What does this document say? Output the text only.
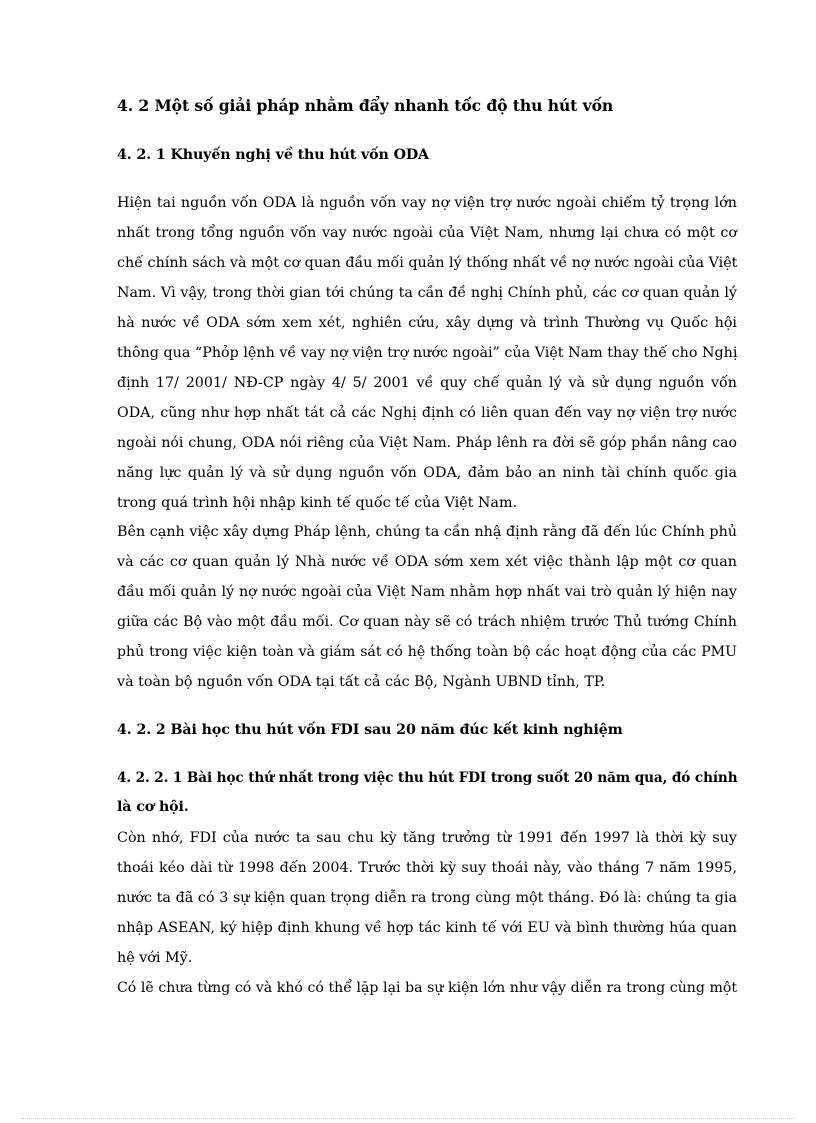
4. 2 Một số giải pháp nhằm đẩy nhanh tốc độ thu hút vốn
4. 2. 1 Khuyến nghị về thu hút vốn ODA
Hiện tai nguồn vốn ODA là nguồn vốn vay nợ viện trợ nước ngoài chiếm tỷ trọng lớn
nhất trong tổng nguồn vốn vay nước ngoài của Việt Nam, nhưng lại chưa có một cơ
chế chính sách và một cơ quan đầu mối quản lý thống nhất về nợ nước ngoài của Việt
Nam. Vì vậy, trong thời gian tới chúng ta cần đề nghị Chính phủ, các cơ quan quản lý
hà nước về ODA sớm xem xét, nghiên cứu, xây dựng và trình Thường vụ Quốc hội
thông qua “Phỏp lệnh về vay nợ viện trợ nước ngoài” của Việt Nam thay thế cho Nghị
định 17/ 2001/ NĐ-CP ngày 4/ 5/ 2001 về quy chế quản lý và sử dụng nguồn vốn
ODA, cũng như hợp nhất tát cả các Nghị định có liên quan đến vay nợ viện trợ nước
ngoài nói chung, ODA nói riêng của Việt Nam. Pháp lênh ra đời sẽ góp phần nâng cao
năng lực quản lý và sử dụng nguồn vốn ODA, đảm bảo an ninh tài chính quốc gia
trong quá trình hội nhập kinh tế quốc tế của Việt Nam.
Bên cạnh việc xây dựng Pháp lệnh, chúng ta cần nhậ định rằng đã đến lúc Chính phủ
và các cơ quan quản lý Nhà nước về ODA sớm xem xét việc thành lập một cơ quan
đầu mối quản lý nợ nước ngoài của Việt Nam nhằm hợp nhất vai trò quản lý hiện nay
giữa các Bộ vào một đầu mối. Cơ quan này sẽ có trách nhiệm trước Thủ tướng Chính
phủ trong việc kiện toàn và giám sát có hệ thống toàn bộ các hoạt động của các PMU
và toàn bộ nguồn vốn ODA tại tất cả các Bộ, Ngành UBND tỉnh, TP.
4. 2. 2 Bài học thu hút vốn FDI sau 20 năm đúc kết kinh nghiệm
4. 2. 2. 1 Bài học thứ nhất trong việc thu hút FDI trong suốt 20 năm qua, đó chính
là cơ hội.
Còn nhớ, FDI của nước ta sau chu kỳ tăng trưởng từ 1991 đến 1997 là thời kỳ suy
thoái kéo dài từ 1998 đến 2004. Trước thời kỳ suy thoái này, vào tháng 7 năm 1995,
nước ta đã có 3 sự kiện quan trọng diễn ra trong cùng một tháng. Đó là: chúng ta gia
nhập ASEAN, ký hiệp định khung về hợp tác kinh tế với EU và bình thường húa quan
hệ với Mỹ.
Có lẽ chưa từng có và khó có thể lặp lại ba sự kiện lớn như vậy diễn ra trong cùng một
